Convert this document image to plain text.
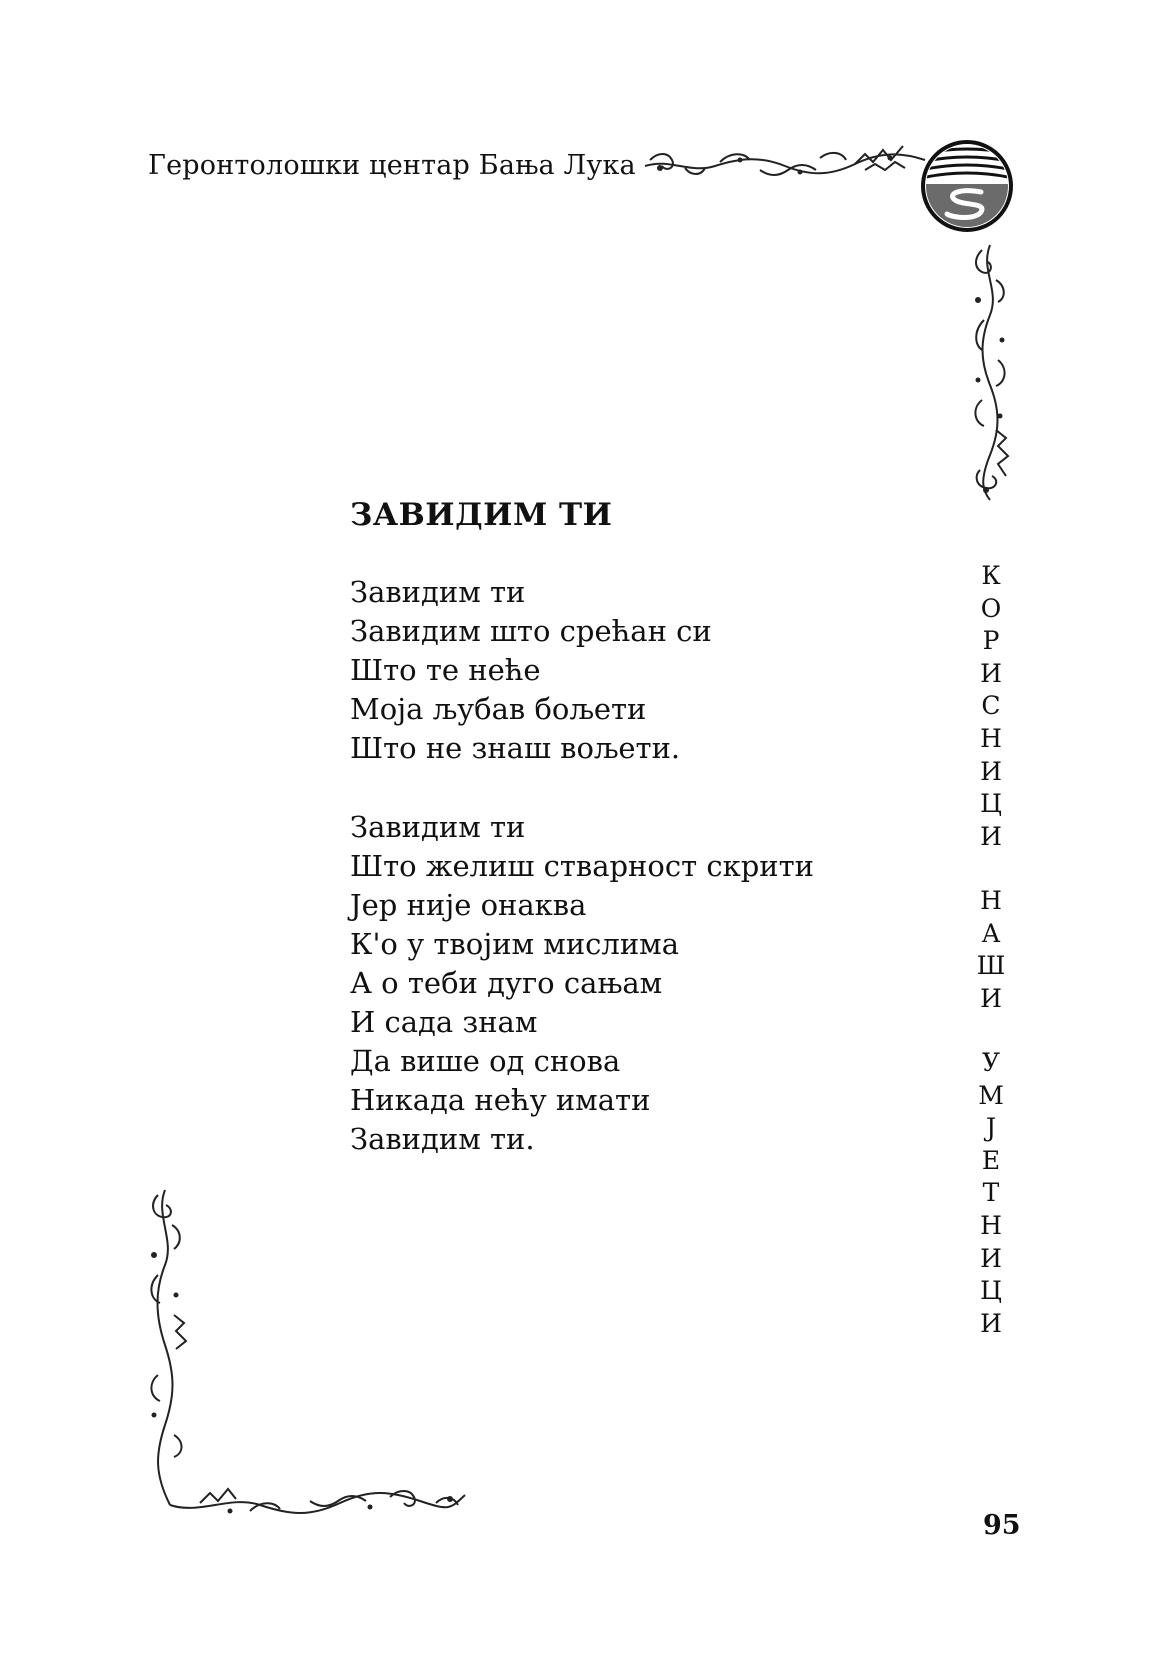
Геронтолошки центар Бања Лука
ЗАВИДИМ ТИ
Завидим ти
Завидим што срећан си
Што те неће
Моја љубав бољети
Што не знаш вољети.
Завидим ти
Што желиш стварност скрити
Јер није онаква
К'о у твојим мислима
А о теби дуго сањам
И сада знам
Да више од снова
Никада нећу имати
Завидим ти.
К
О
Р
И
С
Н
И
Ц
И
Н
А
Ш
И
У
М
Ј
Е
Т
Н
И
Ц
И
95
